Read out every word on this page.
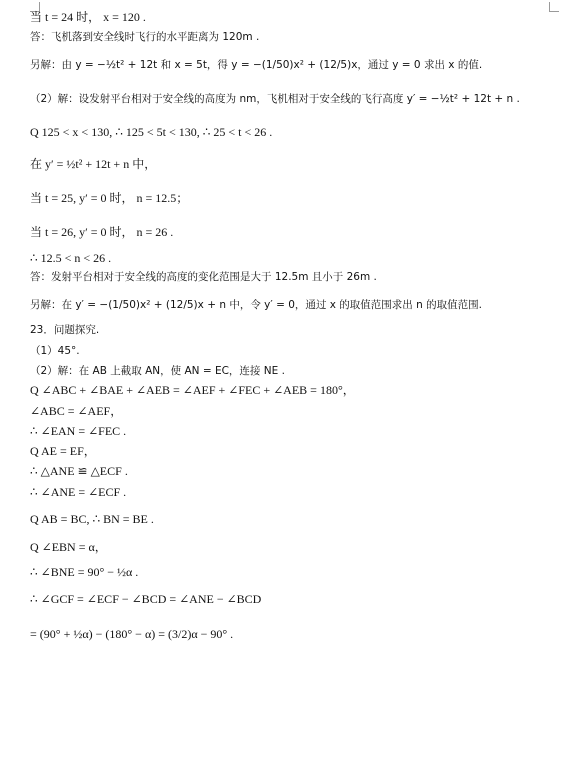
当 t = 24 时， x = 120 .
答：飞机落到安全线时飞行的水平距离为 120m .
另解：由 y = −½t² + 12t 和 x = 5t，得 y = −(1/50)x² + (12/5)x，通过 y = 0 求出 x 的值.
（2）解：设发射平台相对于安全线的高度为 nm，飞机相对于安全线的飞行高度 y′ = −½t² + 12t + n .
Q 125 < x < 130, ∴ 125 < 5t < 130, ∴ 25 < t < 26 .
在 y′ = ½t² + 12t + n 中，
当 t = 25, y′ = 0 时， n = 12.5；
当 t = 26, y′ = 0 时， n = 26 .
∴ 12.5 < n < 26 .
答：发射平台相对于安全线的高度的变化范围是大于 12.5m 且小于 26m .
另解：在 y′ = −(1/50)x² + (12/5)x + n 中，令 y′ = 0，通过 x 的取值范围求出 n 的取值范围.
23．问题探究.
（1）45°.
（2）解：在 AB 上截取 AN，使 AN = EC，连接 NE .
Q ∠ABC + ∠BAE + ∠AEB = ∠AEF + ∠FEC + ∠AEB = 180°，
∠ABC = ∠AEF，
∴ ∠EAN = ∠FEC .
Q AE = EF，
∴ △ANE ≌ △ECF .
∴ ∠ANE = ∠ECF .
Q AB = BC, ∴ BN = BE .
Q ∠EBN = α，
∴ ∠BNE = 90° − ½α .
∴ ∠GCF = ∠ECF − ∠BCD = ∠ANE − ∠BCD
= (90° + ½α) − (180° − α) = (3/2)α − 90° .
